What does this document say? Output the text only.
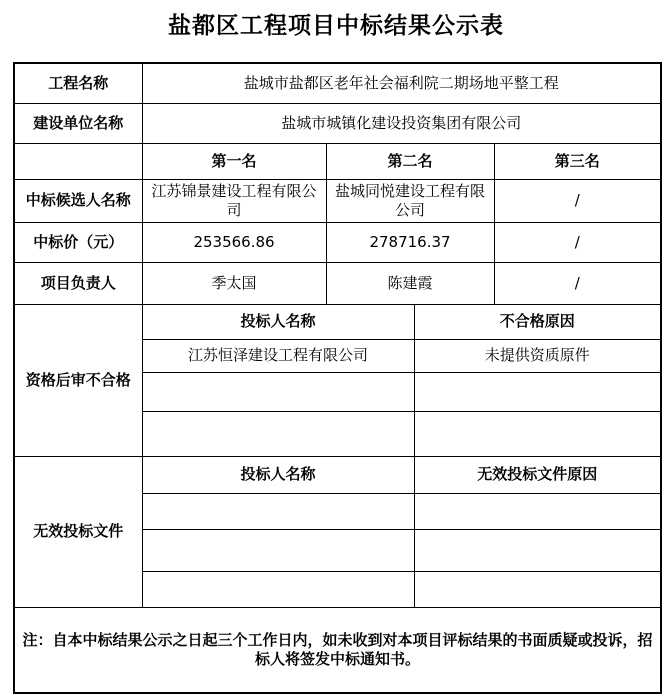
盐都区工程项目中标结果公示表
工程名称	盐城市盐都区老年社会福利院二期场地平整工程			
建设单位名称	盐城市城镇化建设投资集团有限公司			
	第一名	第二名		第三名
中标候选人名称	江苏锦景建设工程有限公司	盐城同悦建设工程有限公司		/
中标价（元）	253566.86	278716.37		/
项目负责人	季太国	陈建霞		/
资格后审不合格	投标人名称		不合格原因	
	江苏恒泽建设工程有限公司		未提供资质原件	

无效投标文件	投标人名称		无效投标文件原因	

注：自本中标结果公示之日起三个工作日内，如未收到对本项目评标结果的书面质疑或投诉，招标人将签发中标通知书。				
